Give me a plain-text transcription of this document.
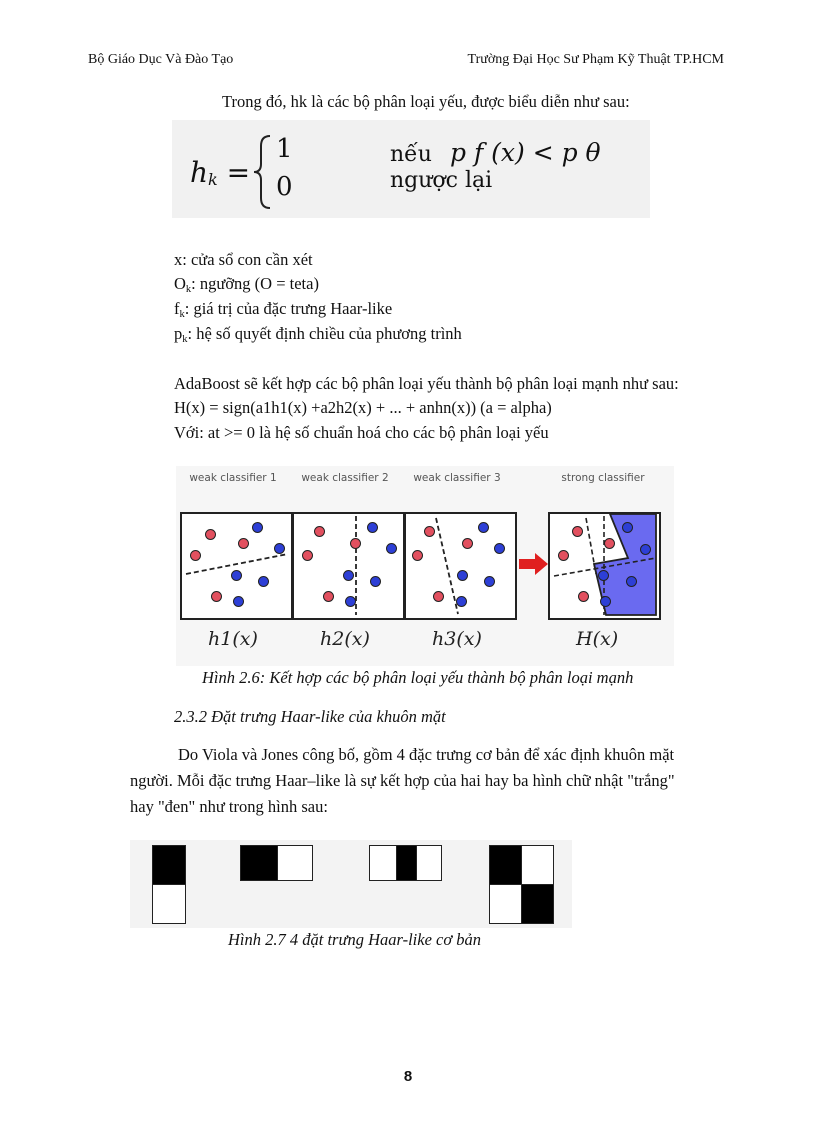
Bộ Giáo Dục Và Đào Tạo	Trường Đại Học Sư Phạm Kỹ Thuật TP.HCM
Trong đó, hk là các bộ phân loại yếu, được biểu diễn như sau:
$h_k$ =
1
0
nếu
ngược lại
p f (x) < p θ
x: cửa sổ con cần xét
$O_k$: ngưỡng (O = teta)
$f_k$: giá trị của đặc trưng Haar-like
$p_k$: hệ số quyết định chiều của phương trình
AdaBoost sẽ kết hợp các bộ phân loại yếu thành bộ phân loại mạnh như sau:
H(x) = sign(a1h1(x) +a2h2(x) + ... + anhn(x)) (a = alpha)
Với: at >= 0 là hệ số chuẩn hoá cho các bộ phân loại yếu
weak classifier 1 weak classifier 2 weak classifier 3	strong classifier
h1(x)	h2(x)	h3(x)	H(x)
Hình 2.6: Kết hợp các bộ phân loại yếu thành bộ phân loại mạnh
2.3.2 Đặt trưng Haar-like của khuôn mặt
Do Viola và Jones công bố, gồm 4 đặc trưng cơ bản để xác định khuôn mặt
người. Mỗi đặc trưng Haar–like là sự kết hợp của hai hay ba hình chữ nhật "trắng"
hay "đen" như trong hình sau:
Hình 2.7 4 đặt trưng Haar-like cơ bản
8
